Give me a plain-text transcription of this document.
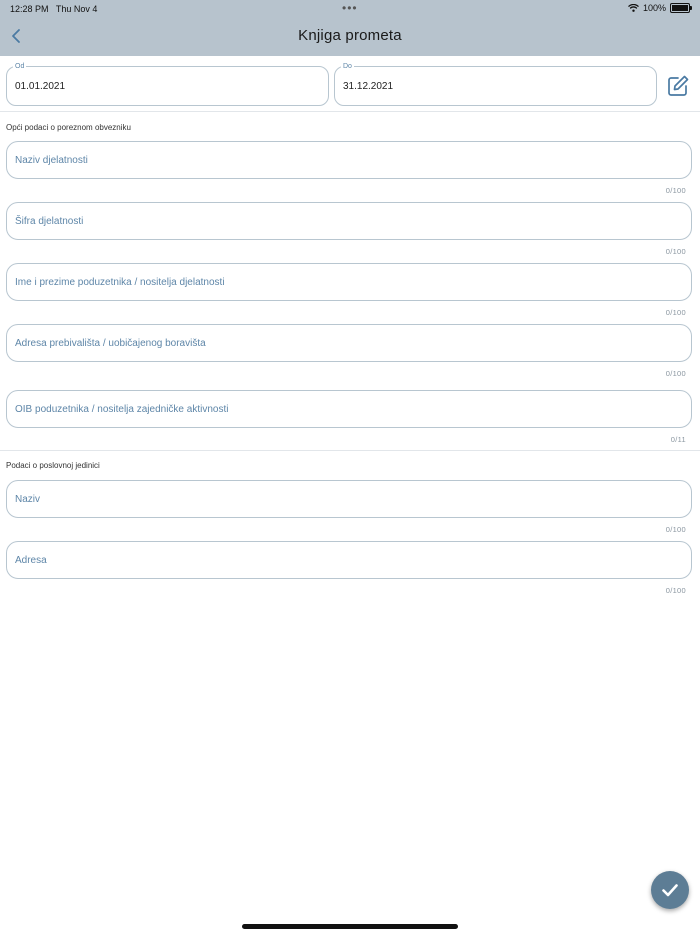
12:28 PM Thu Nov 4	•••	100%
Knjiga prometa
Od
01.01.2021
Do
31.12.2021
Opći podaci o poreznom obvezniku
Naziv djelatnosti
0/100
Šifra djelatnosti
0/100
Ime i prezime poduzetnika / nositelja djelatnosti
0/100
Adresa prebivališta / uobičajenog boravišta
0/100
OIB poduzetnika / nositelja zajedničke aktivnosti
0/11
Podaci o poslovnoj jedinici
Naziv
0/100
Adresa
0/100
